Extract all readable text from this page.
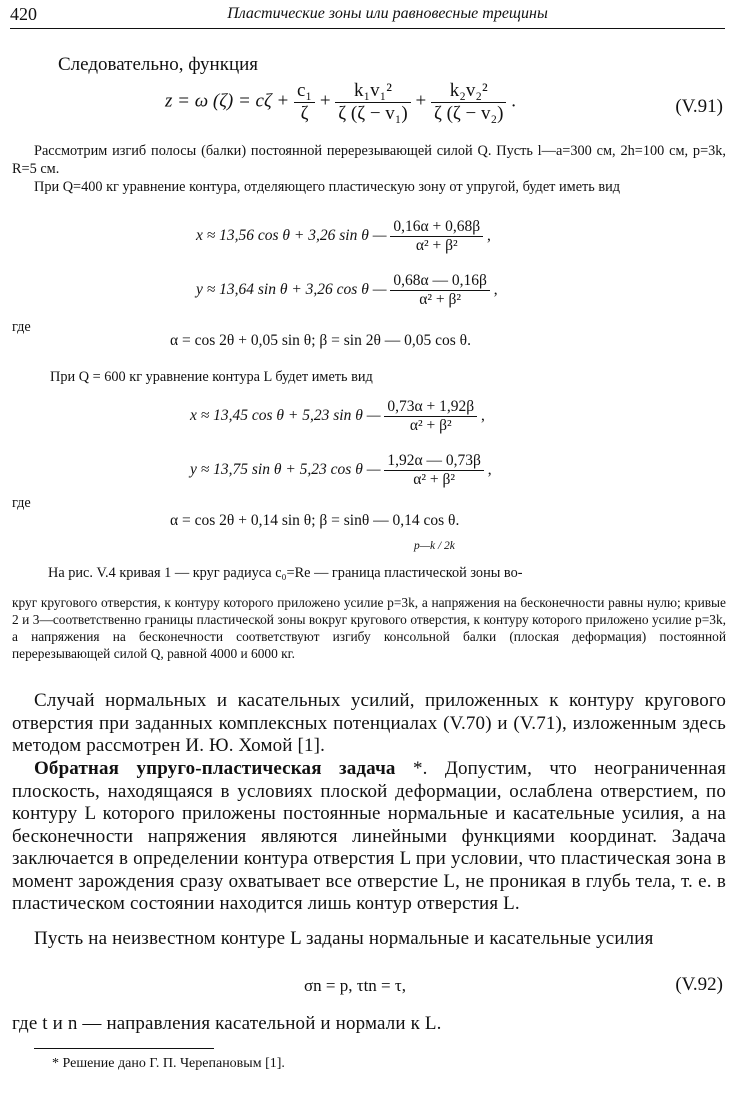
420	Пластические зоны или равновесные трещины
Следовательно, функция
z = ω $(\zeta) = c\zeta + \frac{\text{c₁}}{\zeta} + \frac{\text{k₁v₁²}}{\text{ζ (ζ − v₁)}} + \frac{\text{k₂v₂²}}{\text{ζ (ζ − v₂)}}$ .	(V.91)
Рассмотрим изгиб полосы (балки) постоянной перерезывающей силой Q. Пусть l—a=300 см, 2h=100 см, p=3k, R=5 см.
При Q=400 кг уравнение контура, отделяющего пластическую зону от упругой, будет иметь вид
x ≈ 13,56 cos θ + 3,26 sin θ — $\frac{0,16\alpha + 0,68\beta}{\text{α² + β²}}$ ,
y ≈ 13,64 sin θ + 3,26 cos θ — $\frac{0,68\alpha — 0,16\beta}{\text{α² + β²}}$ ,
где
α = cos 2θ + 0,05 sin θ; β = sin 2θ — 0,05 cos θ.
При Q = 600 кг уравнение контура L будет иметь вид
x ≈ 13,45 cos θ + 5,23 sin θ — $\frac{0,73\alpha + 1,92\beta}{\text{α² + β²}}$ ,
y ≈ 13,75 sin θ + 5,23 cos θ — $\frac{1,92\alpha — 0,73\beta}{\text{α² + β²}}$ ,
где
α = cos 2θ + 0,14 sin θ; β = sinθ — 0,14 cos θ.
p—k / 2k
На рис. V.4 кривая 1 — круг радиуса c₀=Re — граница пластической зоны во-
круг кругового отверстия, к контуру которого приложено усилие p=3k, а напряжения на бесконечности равны нулю; кривые 2 и 3—соответственно границы пластической зоны вокруг кругового отверстия, к контуру которого приложено усилие p=3k, а напряжения на бесконечности соответствуют изгибу консольной балки (плоская деформация) постоянной перерезывающей силой Q, равной 4000 и 6000 кг.
Случай нормальных и касательных усилий, приложенных к контуру кругового отверстия при заданных комплексных потенциалах (V.70) и (V.71), изложенным здесь методом рассмотрен И. Ю. Хомой [1].
Обратная упруго-пластическая задача *. Допустим, что неограниченная плоскость, находящаяся в условиях плоской деформации, ослаблена отверстием, по контуру L которого приложены постоянные нормальные и касательные усилия, а на бесконечности напряжения являются линейными функциями координат. Задача заключается в определении контура отверстия L при условии, что пластическая зона в момент зарождения сразу охватывает все отверстие L, не проникая в глубь тела, т. е. в пластическом состоянии находится лишь контур отверстия L.
Пусть на неизвестном контуре L заданы нормальные и касательные усилия
σn = p, τtn = τ,	(V.92)
где t и n — направления касательной и нормали к L.
* Решение дано Г. П. Черепановым [1].
